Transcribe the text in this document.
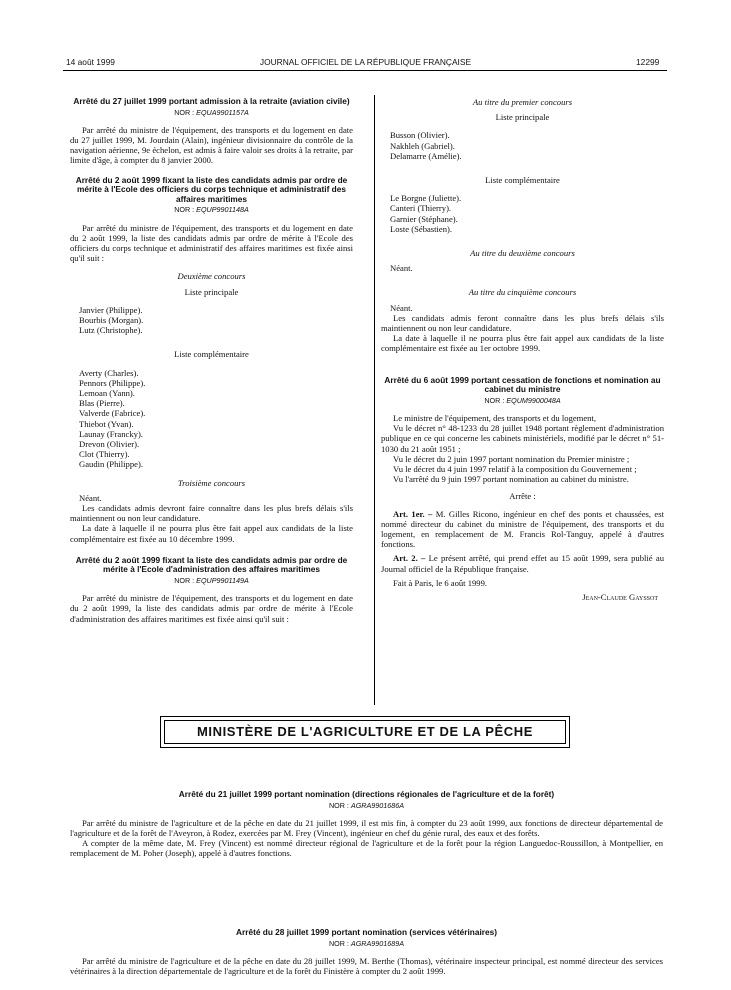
14 août 1999	JOURNAL OFFICIEL DE LA RÉPUBLIQUE FRANÇAISE	12299
Arrêté du 27 juillet 1999 portant admission à la retraite (aviation civile)
NOR : EQUA9901157A

Par arrêté du ministre de l'équipement, des transports et du logement en date du 27 juillet 1999, M. Jourdain (Alain), ingénieur divisionnaire du contrôle de la navigation aérienne, 9e échelon, est admis à faire valoir ses droits à la retraite, par limite d'âge, à compter du 8 janvier 2000.

Arrêté du 2 août 1999 fixant la liste des candidats admis par ordre de mérite à l'Ecole des officiers du corps technique et administratif des affaires maritimes
NOR : EQUP9901148A

Par arrêté du ministre de l'équipement, des transports et du logement en date du 2 août 1999, la liste des candidats admis par ordre de mérite à l'Ecole des officiers du corps technique et administratif des affaires maritimes est fixée ainsi qu'il suit :

Deuxième concours

Liste principale

Janvier (Philippe).
Bourbis (Morgan).
Lutz (Christophe).

Liste complémentaire

Averty (Charles).
Pennors (Philippe).
Lemoan (Yann).
Blas (Pierre).
Valverde (Fabrice).
Thiebot (Yvan).
Launay (Francky).
Drevon (Olivier).
Clot (Thierry).
Gaudin (Philippe).

Troisième concours

Néant.

Les candidats admis devront faire connaître dans les plus brefs délais s'ils maintiennent ou non leur candidature.

La date à laquelle il ne pourra plus être fait appel aux candidats de la liste complémentaire est fixée au 10 décembre 1999.

Arrêté du 2 août 1999 fixant la liste des candidats admis par ordre de mérite à l'Ecole d'administration des affaires maritimes
NOR : EQUP9901149A

Par arrêté du ministre de l'équipement, des transports et du logement en date du 2 août 1999, la liste des candidats admis par ordre de mérite à l'Ecole d'administration des affaires maritimes est fixée ainsi qu'il suit :

Au titre du premier concours

Liste principale

Busson (Olivier).
Nakhleh (Gabriel).
Delamarre (Amélie).

Liste complémentaire

Le Borgne (Juliette).
Canteri (Thierry).
Garnier (Stéphane).
Loste (Sébastien).

Au titre du deuxième concours

Néant.

Au titre du cinquième concours

Néant.

Les candidats admis feront connaître dans les plus brefs délais s'ils maintiennent ou non leur candidature.

La date à laquelle il ne pourra plus être fait appel aux candidats de la liste complémentaire est fixée au 1er octobre 1999.

Arrêté du 6 août 1999 portant cessation de fonctions et nomination au cabinet du ministre
NOR : EQUM9900048A

Le ministre de l'équipement, des transports et du logement,

Vu le décret n° 48-1233 du 28 juillet 1948 portant règlement d'administration publique en ce qui concerne les cabinets ministériels, modifié par le décret n° 51-1030 du 21 août 1951 ;

Vu le décret du 2 juin 1997 portant nomination du Premier ministre ;

Vu le décret du 4 juin 1997 relatif à la composition du Gouvernement ;

Vu l'arrêté du 9 juin 1997 portant nomination au cabinet du ministre.

Arrête :

Art. 1er. – M. Gilles Ricono, ingénieur en chef des ponts et chaussées, est nommé directeur du cabinet du ministre de l'équipement, des transports et du logement, en remplacement de M. Francis Rol-Tanguy, appelé à d'autres fonctions.

Art. 2. – Le présent arrêté, qui prend effet au 15 août 1999, sera publié au Journal officiel de la République française.

Fait à Paris, le 6 août 1999.

Jean-Claude Gayssot

MINISTÈRE DE L'AGRICULTURE ET DE LA PÊCHE
Arrêté du 21 juillet 1999 portant nomination (directions régionales de l'agriculture et de la forêt)
NOR : AGRA9901686A

Par arrêté du ministre de l'agriculture et de la pêche en date du 21 juillet 1999, il est mis fin, à compter du 23 août 1999, aux fonctions de directeur départemental de l'agriculture et de la forêt de l'Aveyron, à Rodez, exercées par M. Frey (Vincent), ingénieur en chef du génie rural, des eaux et des forêts.

A compter de la même date, M. Frey (Vincent) est nommé directeur régional de l'agriculture et de la forêt pour la région Languedoc-Roussillon, à Montpellier, en remplacement de M. Poher (Joseph), appelé à d'autres fonctions.

Arrêté du 28 juillet 1999 portant nomination (services vétérinaires)
NOR : AGRA9901689A

Par arrêté du ministre de l'agriculture et de la pêche en date du 28 juillet 1999, M. Berthe (Thomas), vétérinaire inspecteur principal, est nommé directeur des services vétérinaires à la direction départementale de l'agriculture et de la forêt du Finistère à compter du 2 août 1999.
